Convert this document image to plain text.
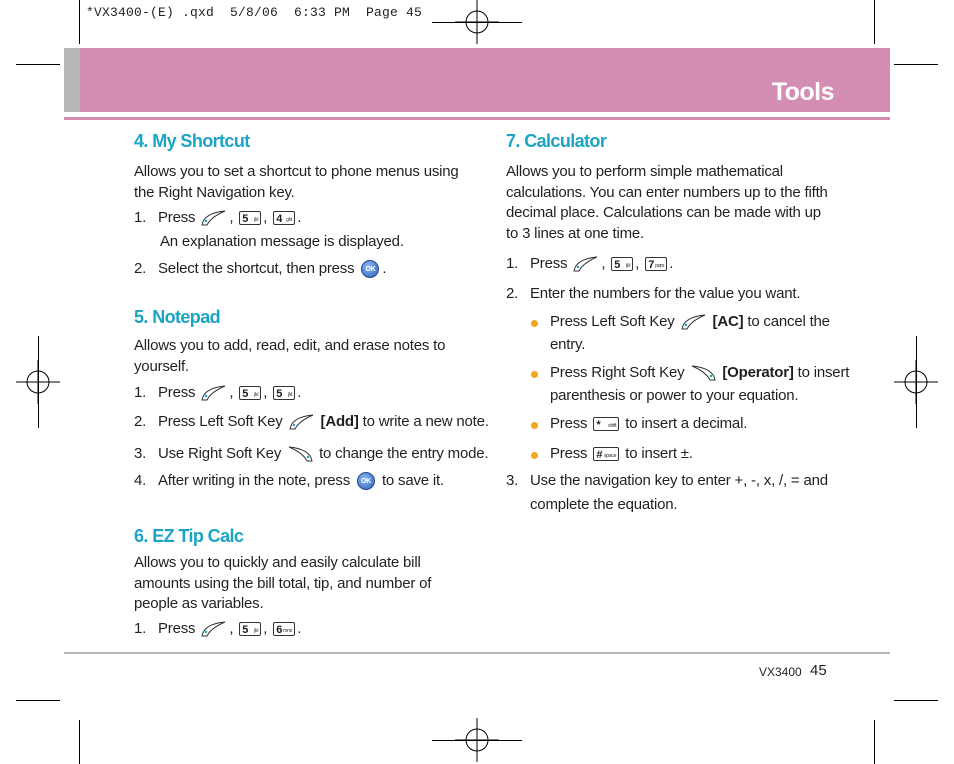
*VX3400-(E) .qxd  5/8/06  6:33 PM  Page 45
Tools
4. My Shortcut
Allows you to set a shortcut to phone menus using the Right Navigation key.
1. Press , 5 jkl , 4 ghi .
An explanation message is displayed.
2. Select the shortcut, then press OK .
5. Notepad
Allows you to add, read, edit, and erase notes to yourself.
1. Press , 5 jkl , 5 jkl .
2. Press Left Soft Key	[Add] to write a new note.
3. Use Right Soft Key	to change the entry mode.
4. After writing in the note, press OK to save it.
6. EZ Tip Calc
Allows you to quickly and easily calculate bill amounts using the bill total, tip, and number of people as variables.
1. Press , 5 jkl , 6 mno .
7. Calculator
Allows you to perform simple mathematical calculations. You can enter numbers up to the fifth decimal place. Calculations can be made with up to 3 lines at one time.
1. Press , 5 jkl , 7 pqrs .
2. Enter the numbers for the value you want.
Press Left Soft Key	[AC] to cancel the
entry.
Press Right Soft Key	[Operator] to insert
parenthesis or power to your equation.
Press * shift to insert a decimal.
Press # space to insert ±.
3. Use the navigation key to enter +, -, x, /, = and
complete the equation.
VX3400 45
